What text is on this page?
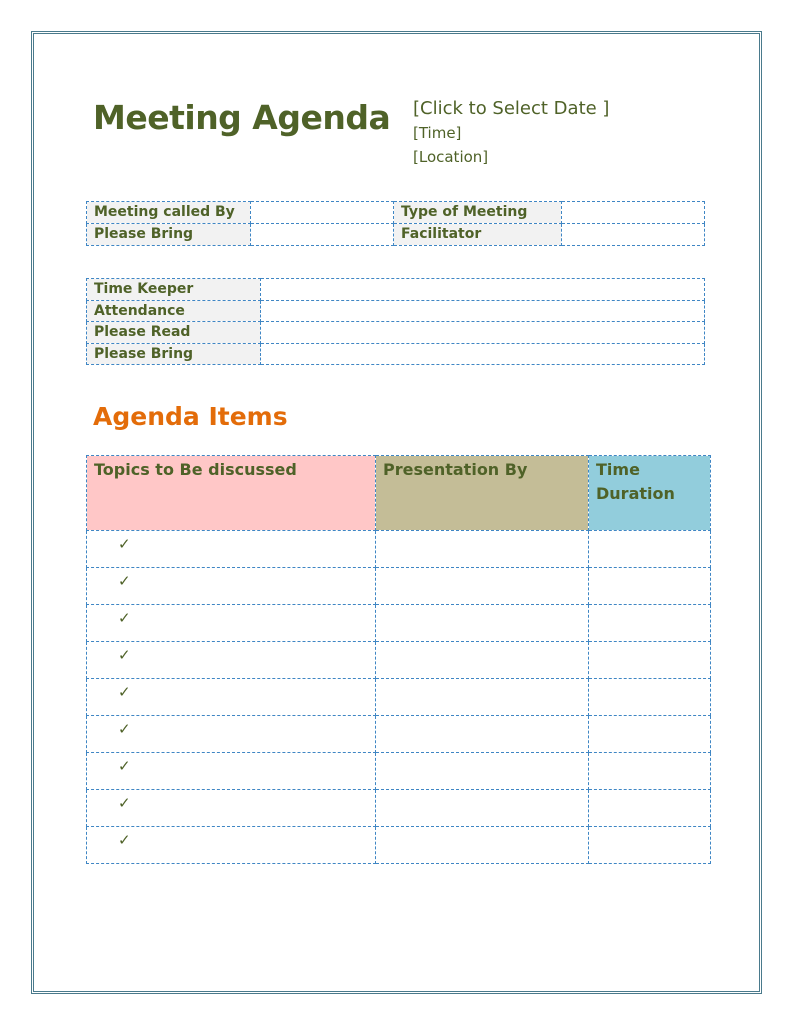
Meeting Agenda [Click to Select Date ]
[Time]
[Location]
Meeting called By		Type of Meeting	
Please Bring		Facilitator	
Time Keeper	
Attendance	
Please Read	
Please Bring	
Agenda Items
Topics to Be discussed	Presentation By	Time Duration
✓		
✓		
✓		
✓		
✓		
✓		
✓		
✓		
✓		
